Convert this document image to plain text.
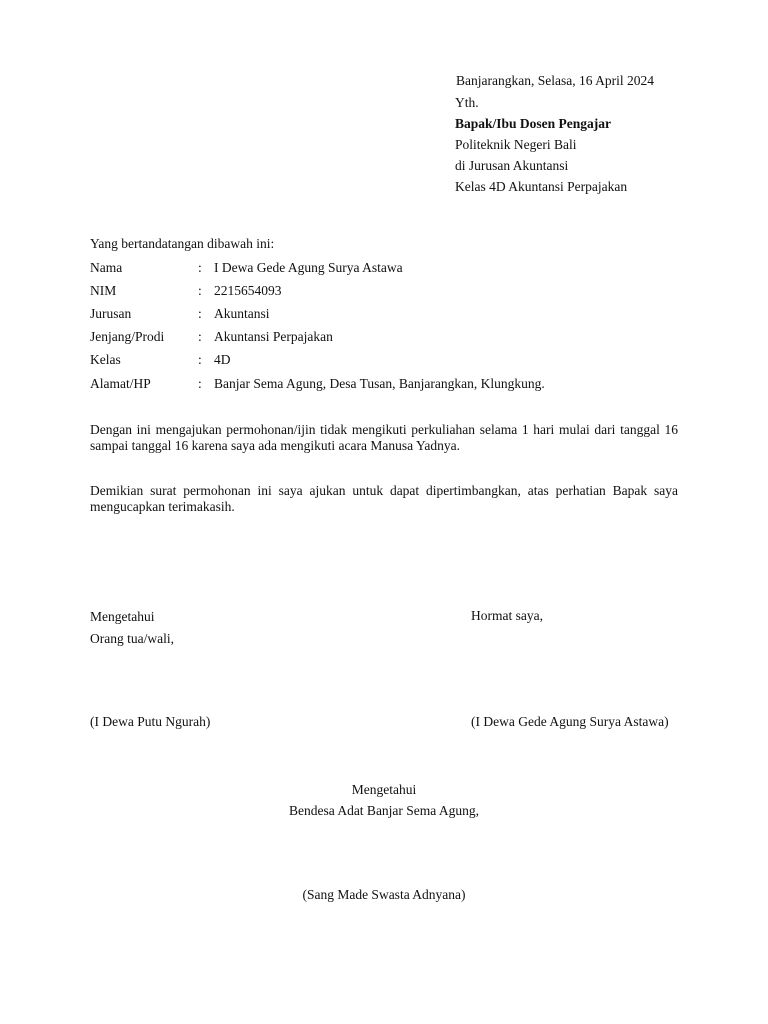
Banjarangkan, Selasa, 16 April 2024
Yth.
Bapak/Ibu Dosen Pengajar
Politeknik Negeri Bali
di Jurusan Akuntansi
Kelas 4D Akuntansi Perpajakan
Yang bertandatangan dibawah ini:
Nama	: I Dewa Gede Agung Surya Astawa
NIM	: 2215654093
Jurusan	: Akuntansi
Jenjang/Prodi	: Akuntansi Perpajakan
Kelas	: 4D
Alamat/HP	: Banjar Sema Agung, Desa Tusan, Banjarangkan, Klungkung.

Dengan ini mengajukan permohonan/ijin tidak mengikuti perkuliahan selama 1 hari mulai dari tanggal 16 sampai tanggal 16 karena saya ada mengikuti acara Manusa Yadnya.

Demikian surat permohonan ini saya ajukan untuk dapat dipertimbangkan, atas perhatian Bapak saya mengucapkan terimakasih.

Mengetahui
Orang tua/wali,
(I Dewa Putu Ngurah)
Hormat saya,
(I Dewa Gede Agung Surya Astawa)
Mengetahui
Bendesa Adat Banjar Sema Agung,
(Sang Made Swasta Adnyana)
